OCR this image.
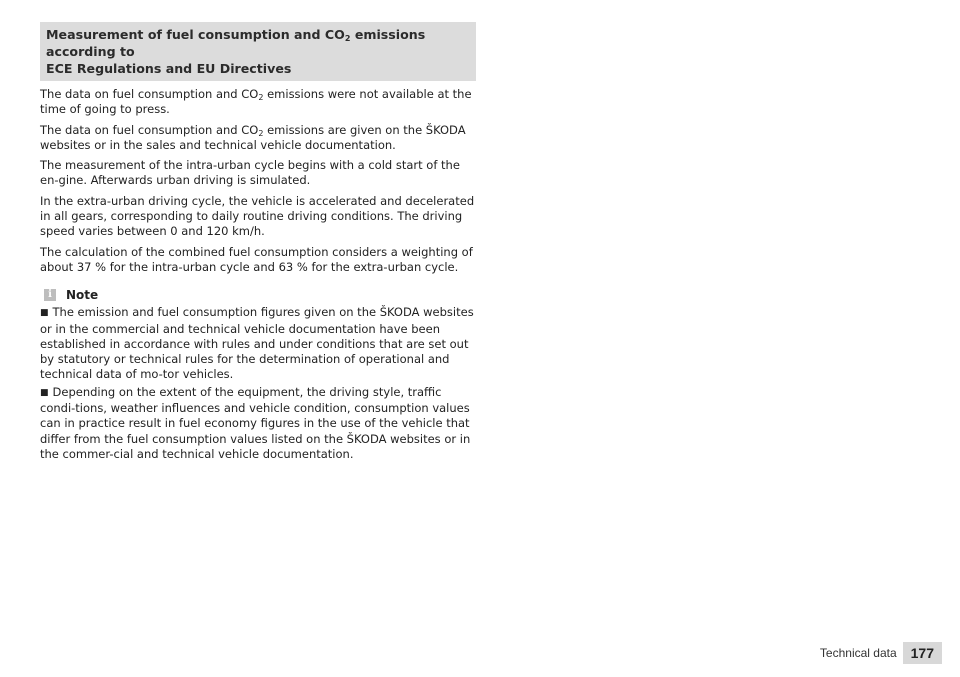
Measurement of fuel consumption and $CO_2$ emissions according to
ECE Regulations and EU Directives

The data on fuel consumption and $CO_2$ emissions were not available at the time of going to press.

The data on fuel consumption and $CO_2$ emissions are given on the ŠKODA websites or in the sales and technical vehicle documentation.

The measurement of the intra-urban cycle begins with a cold start of the en-gine. Afterwards urban driving is simulated.

In the extra-urban driving cycle, the vehicle is accelerated and decelerated in all gears, corresponding to daily routine driving conditions. The driving speed varies between 0 and 120 km/h.

The calculation of the combined fuel consumption considers a weighting of about 37 % for the intra-urban cycle and 63 % for the extra-urban cycle.

i	Note

■ The emission and fuel consumption figures given on the ŠKODA websites or in the commercial and technical vehicle documentation have been established in accordance with rules and under conditions that are set out by statutory or technical rules for the determination of operational and technical data of mo-tor vehicles.

■ Depending on the extent of the equipment, the driving style, traffic condi-tions, weather influences and vehicle condition, consumption values can in practice result in fuel economy figures in the use of the vehicle that differ from the fuel consumption values listed on the ŠKODA websites or in the commer-cial and technical vehicle documentation.

Technical data	177
